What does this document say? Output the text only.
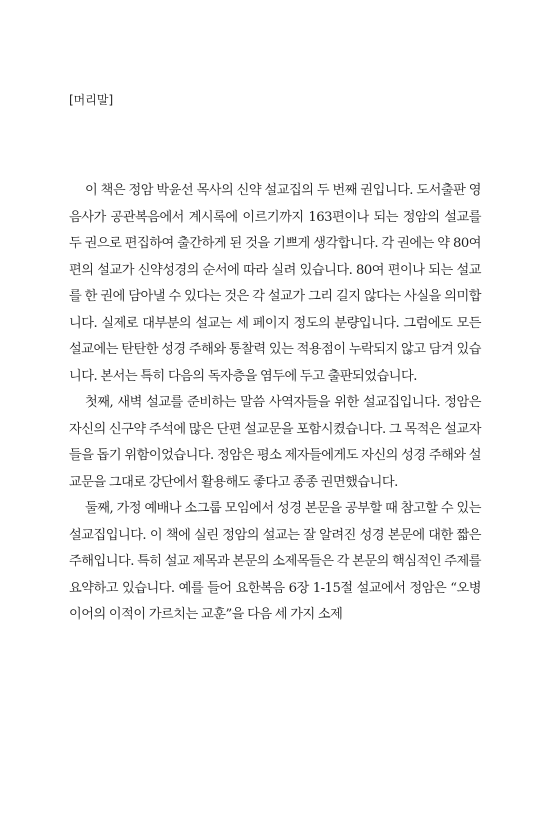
[머리말]

이 책은 정암 박윤선 목사의 신약 설교집의 두 번째 권입니다. 도서출판 영음사가 공관복음에서 계시록에 이르기까지 163편이나 되는 정암의 설교를 두 권으로 편집하여 출간하게 된 것을 기쁘게 생각합니다. 각 권에는 약 80여 편의 설교가 신약성경의 순서에 따라 실려 있습니다. 80여 편이나 되는 설교를 한 권에 담아낼 수 있다는 것은 각 설교가 그리 길지 않다는 사실을 의미합니다. 실제로 대부분의 설교는 세 페이지 정도의 분량입니다. 그럼에도 모든 설교에는 탄탄한 성경 주해와 통찰력 있는 적용점이 누락되지 않고 담겨 있습니다. 본서는 특히 다음의 독자층을 염두에 두고 출판되었습니다.

첫째, 새벽 설교를 준비하는 말씀 사역자들을 위한 설교집입니다. 정암은 자신의 신구약 주석에 많은 단편 설교문을 포함시켰습니다. 그 목적은 설교자들을 돕기 위함이었습니다. 정암은 평소 제자들에게도 자신의 성경 주해와 설교문을 그대로 강단에서 활용해도 좋다고 종종 권면했습니다.

둘째, 가정 예배나 소그룹 모임에서 성경 본문을 공부할 때 참고할 수 있는 설교집입니다. 이 책에 실린 정암의 설교는 잘 알려진 성경 본문에 대한 짧은 주해입니다. 특히 설교 제목과 본문의 소제목들은 각 본문의 핵심적인 주제를 요약하고 있습니다. 예를 들어 요한복음 6장 1-15절 설교에서 정암은 “오병이어의 이적이 가르치는 교훈”을 다음 세 가지 소제
